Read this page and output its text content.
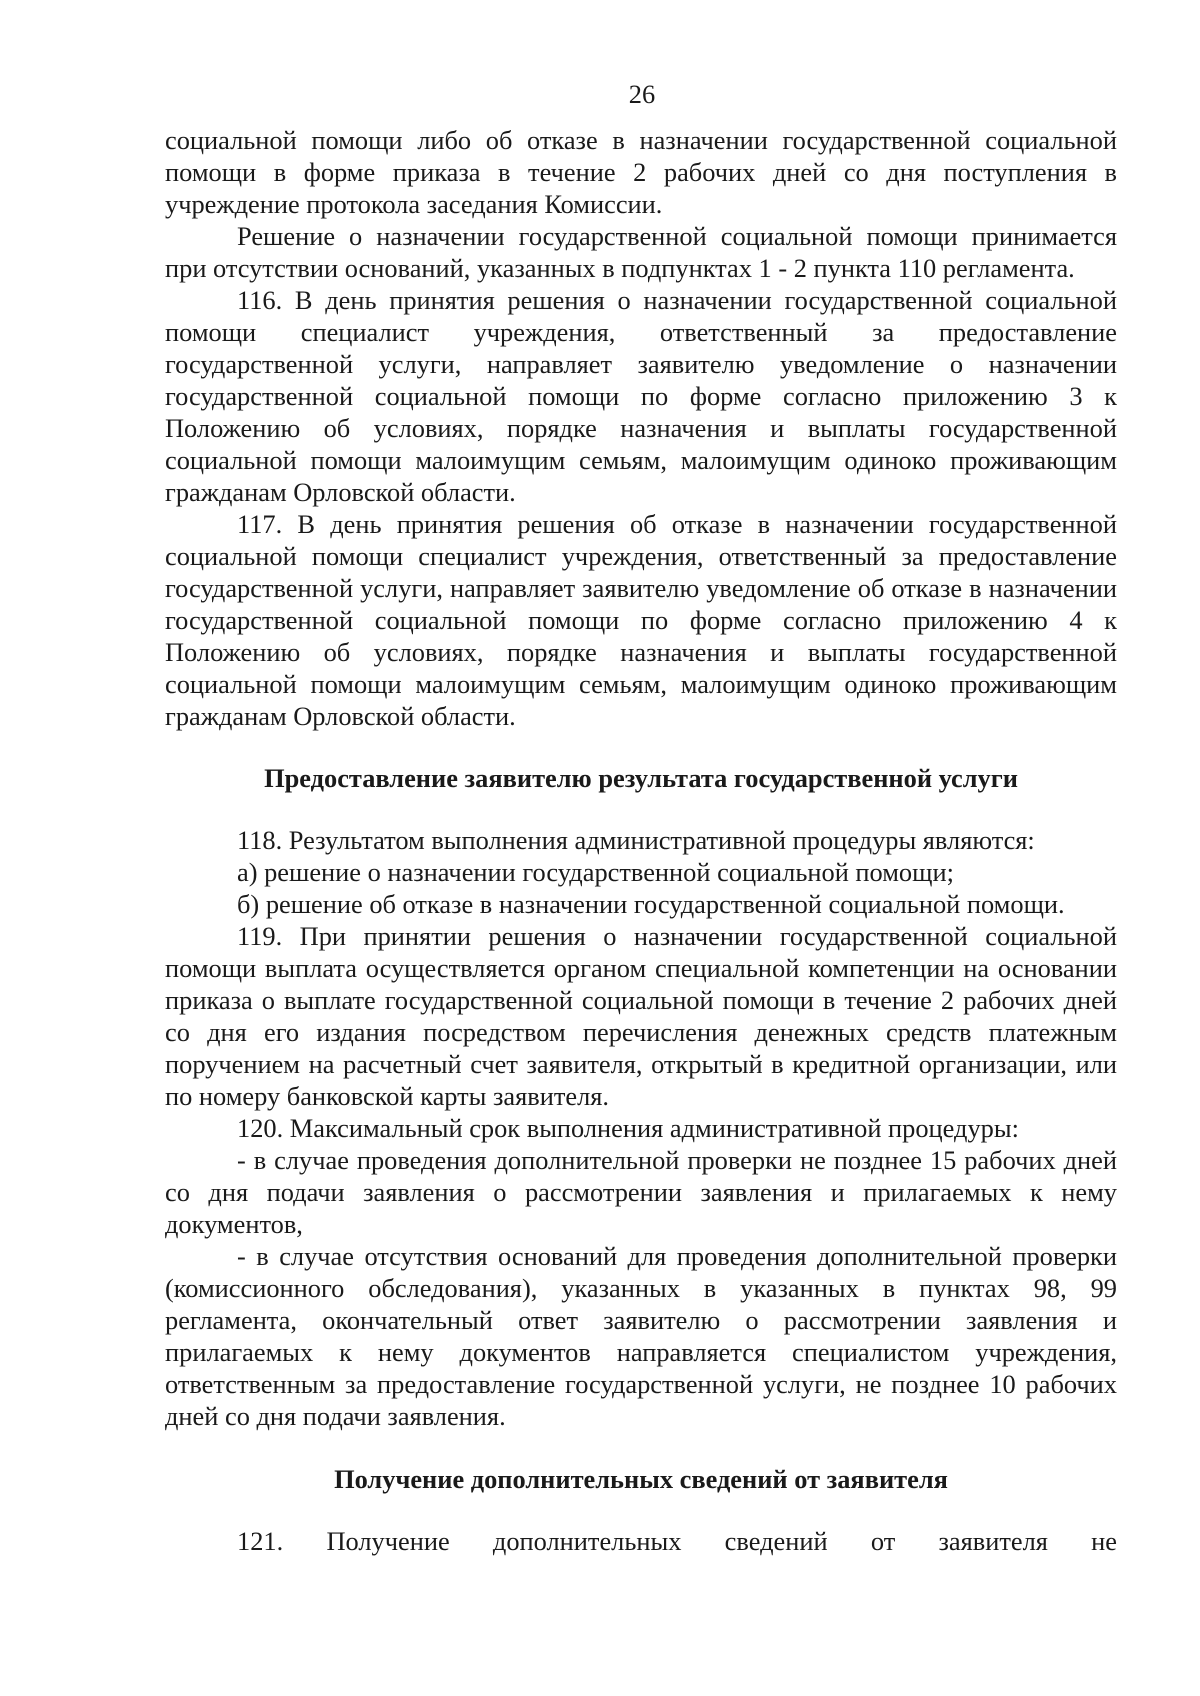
26

социальной помощи либо об отказе в назначении государственной социальной помощи в форме приказа в течение 2 рабочих дней со дня поступления в учреждение протокола заседания Комиссии.

Решение о назначении государственной социальной помощи принимается при отсутствии оснований, указанных в подпунктах 1 - 2 пункта 110 регламента.

116. В день принятия решения о назначении государственной социальной помощи специалист учреждения, ответственный за предоставление государственной услуги, направляет заявителю уведомление о назначении государственной социальной помощи по форме согласно приложению 3 к Положению об условиях, порядке назначения и выплаты государственной социальной помощи малоимущим семьям, малоимущим одиноко проживающим гражданам Орловской области.

117. В день принятия решения об отказе в назначении государственной социальной помощи специалист учреждения, ответственный за предоставление государственной услуги, направляет заявителю уведомление об отказе в назначении государственной социальной помощи по форме согласно приложению 4 к Положению об условиях, порядке назначения и выплаты государственной социальной помощи малоимущим семьям, малоимущим одиноко проживающим гражданам Орловской области.

Предоставление заявителю результата государственной услуги

118. Результатом выполнения административной процедуры являются:

а) решение о назначении государственной социальной помощи;

б) решение об отказе в назначении государственной социальной помощи.

119. При принятии решения о назначении государственной социальной помощи выплата осуществляется органом специальной компетенции на основании приказа о выплате государственной социальной помощи в течение 2 рабочих дней со дня его издания посредством перечисления денежных средств платежным поручением на расчетный счет заявителя, открытый в кредитной организации, или по номеру банковской карты заявителя.

120. Максимальный срок выполнения административной процедуры:

- в случае проведения дополнительной проверки не позднее 15 рабочих дней со дня подачи заявления о рассмотрении заявления и прилагаемых к нему документов,

- в случае отсутствия оснований для проведения дополнительной проверки (комиссионного обследования), указанных в указанных в пунктах 98, 99 регламента, окончательный ответ заявителю о рассмотрении заявления и прилагаемых к нему документов направляется специалистом учреждения, ответственным за предоставление государственной услуги, не позднее 10 рабочих дней со дня подачи заявления.

Получение дополнительных сведений от заявителя

121. Получение дополнительных сведений от заявителя не
